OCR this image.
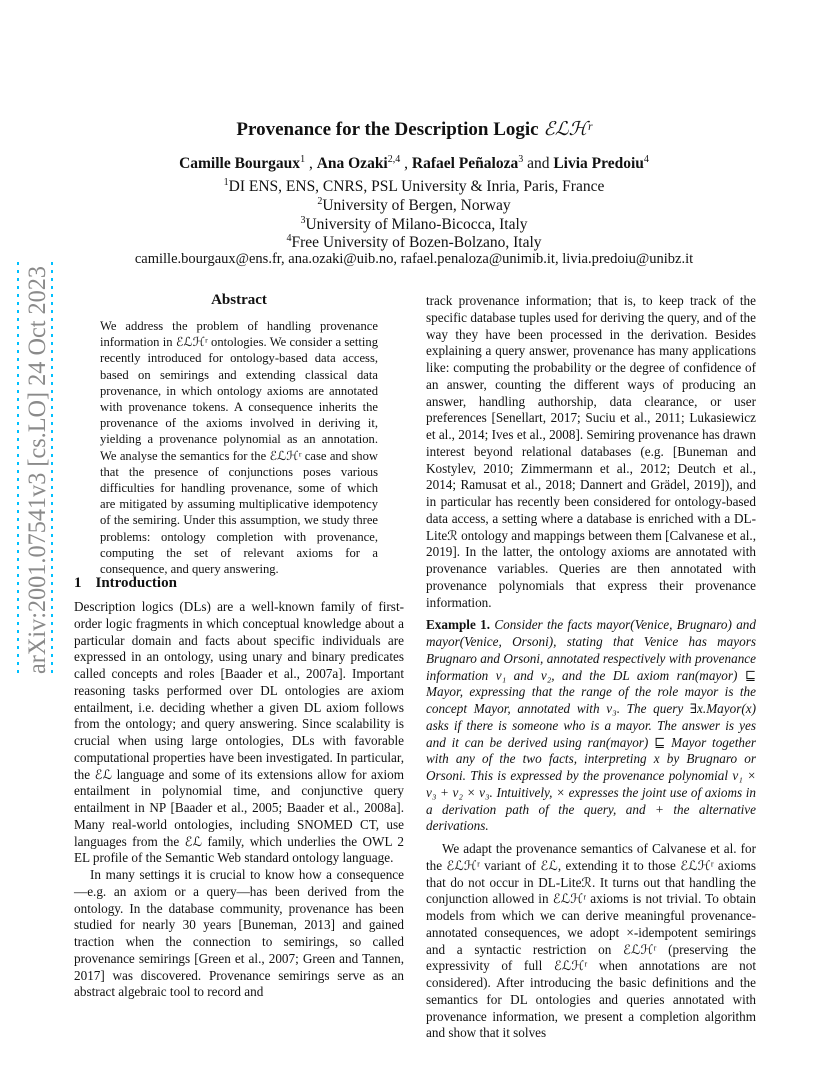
Provenance for the Description Logic ℰℒℋʳ
Camille Bourgaux$^1$ , Ana Ozaki$^{2,4}$ , Rafael Peñaloza$^3$ and Livia Predoiu$^4$
$^1$DI ENS, ENS, CNRS, PSL University & Inria, Paris, France
$^2$University of Bergen, Norway
$^3$University of Milano-Bicocca, Italy
$^4$Free University of Bozen-Bolzano, Italy
camille.bourgaux@ens.fr, ana.ozaki@uib.no, rafael.penaloza@unimib.it, livia.predoiu@unibz.it
arXiv:2001.07541v3 [cs.LO] 24 Oct 2023	Abstract
We address the problem of handling provenance information in ℰℒℋʳ ontologies. We consider a setting recently introduced for ontology-based data access, based on semirings and extending classical data provenance, in which ontology axioms are annotated with provenance tokens. A consequence inherits the provenance of the axioms involved in deriving it, yielding a provenance polynomial as an annotation. We analyse the semantics for the ℰℒℋʳ case and show that the presence of conjunctions poses various difficulties for handling provenance, some of which are mitigated by assuming multiplicative idempotency of the semiring. Under this assumption, we study three problems: ontology completion with provenance, computing the set of relevant axioms for a consequence, and query answering.
1 Introduction

Description logics (DLs) are a well-known family of first-order logic fragments in which conceptual knowledge about a particular domain and facts about specific individuals are expressed in an ontology, using unary and binary predicates called concepts and roles [Baader et al., 2007a]. Important reasoning tasks performed over DL ontologies are axiom entailment, i.e. deciding whether a given DL axiom follows from the ontology; and query answering. Since scalability is crucial when using large ontologies, DLs with favorable computational properties have been investigated. In particular, the ℰℒ language and some of its extensions allow for axiom entailment in polynomial time, and conjunctive query entailment in NP [Baader et al., 2005; Baader et al., 2008a]. Many real-world ontologies, including SNOMED CT, use languages from the ℰℒ family, which underlies the OWL 2 EL profile of the Semantic Web standard ontology language.

In many settings it is crucial to know how a consequence—e.g. an axiom or a query—has been derived from the ontology. In the database community, provenance has been studied for nearly 30 years [Buneman, 2013] and gained traction when the connection to semirings, so called provenance semirings [Green et al., 2007; Green and Tannen, 2017] was discovered. Provenance semirings serve as an abstract algebraic tool to record and

track provenance information; that is, to keep track of the specific database tuples used for deriving the query, and of the way they have been processed in the derivation. Besides explaining a query answer, provenance has many applications like: computing the probability or the degree of confidence of an answer, counting the different ways of producing an answer, handling authorship, data clearance, or user preferences [Senellart, 2017; Suciu et al., 2011; Lukasiewicz et al., 2014; Ives et al., 2008]. Semiring provenance has drawn interest beyond relational databases (e.g. [Buneman and Kostylev, 2010; Zimmermann et al., 2012; Deutch et al., 2014; Ramusat et al., 2018; Dannert and Grädel, 2019]), and in particular has recently been considered for ontology-based data access, a setting where a database is enriched with a DL-Liteℛ ontology and mappings between them [Calvanese et al., 2019]. In the latter, the ontology axioms are annotated with provenance variables. Queries are then annotated with provenance polynomials that express their provenance information.

Example 1. Consider the facts mayor(Venice, Brugnaro) and mayor(Venice, Orsoni), stating that Venice has mayors Brugnaro and Orsoni, annotated respectively with provenance information v₁ and v₂, and the DL axiom ran(mayor) ⊑ Mayor, expressing that the range of the role mayor is the concept Mayor, annotated with v₃. The query ∃x.Mayor(x) asks if there is someone who is a mayor. The answer is yes and it can be derived using ran(mayor) ⊑ Mayor together with any of the two facts, interpreting x by Brugnaro or Orsoni. This is expressed by the provenance polynomial v₁ × v₃ + v₂ × v₃. Intuitively, × expresses the joint use of axioms in a derivation path of the query, and + the alternative derivations.

We adapt the provenance semantics of Calvanese et al. for the ℰℒℋʳ variant of ℰℒ, extending it to those ℰℒℋʳ axioms that do not occur in DL-Liteℛ. It turns out that handling the conjunction allowed in ℰℒℋʳ axioms is not trivial. To obtain models from which we can derive meaningful provenance-annotated consequences, we adopt ×-idempotent semirings and a syntactic restriction on ℰℒℋʳ (preserving the expressivity of full ℰℒℋʳ when annotations are not considered). After introducing the basic definitions and the semantics for DL ontologies and queries annotated with provenance information, we present a completion algorithm and show that it solves
